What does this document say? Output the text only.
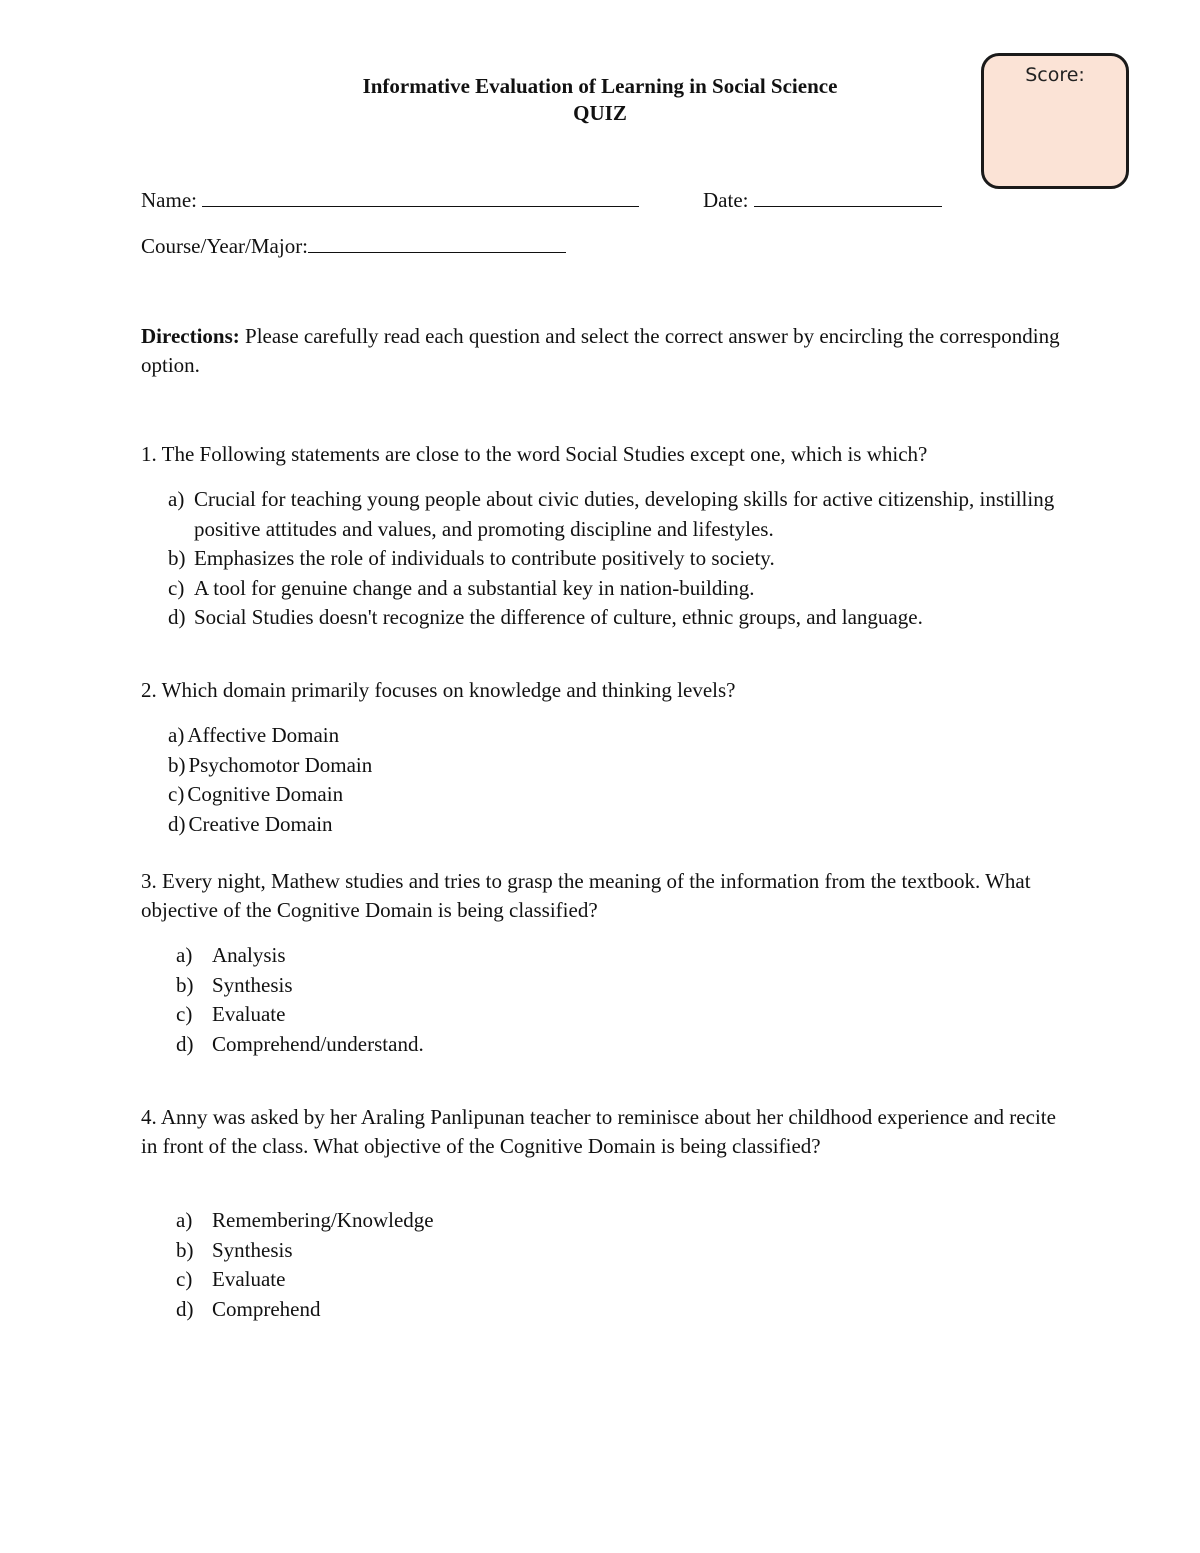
Informative Evaluation of Learning in Social Science
QUIZ
Score:
Name:	Date:
Course/Year/Major:
Directions: Please carefully read each question and select the correct answer by encircling the corresponding option.
1. The Following statements are close to the word Social Studies except one, which is which?
a) Crucial for teaching young people about civic duties, developing skills for active citizenship, instilling positive attitudes and values, and promoting discipline and lifestyles.
b) Emphasizes the role of individuals to contribute positively to society.
c) A tool for genuine change and a substantial key in nation-building.
d) Social Studies doesn't recognize the difference of culture, ethnic groups, and language.
2. Which domain primarily focuses on knowledge and thinking levels?
a) Affective Domain
b) Psychomotor Domain
c) Cognitive Domain
d) Creative Domain
3. Every night, Mathew studies and tries to grasp the meaning of the information from the textbook. What objective of the Cognitive Domain is being classified?
a) Analysis
b) Synthesis
c) Evaluate
d) Comprehend/understand.
4. Anny was asked by her Araling Panlipunan teacher to reminisce about her childhood experience and recite in front of the class. What objective of the Cognitive Domain is being classified?
a) Remembering/Knowledge
b) Synthesis
c) Evaluate
d) Comprehend
